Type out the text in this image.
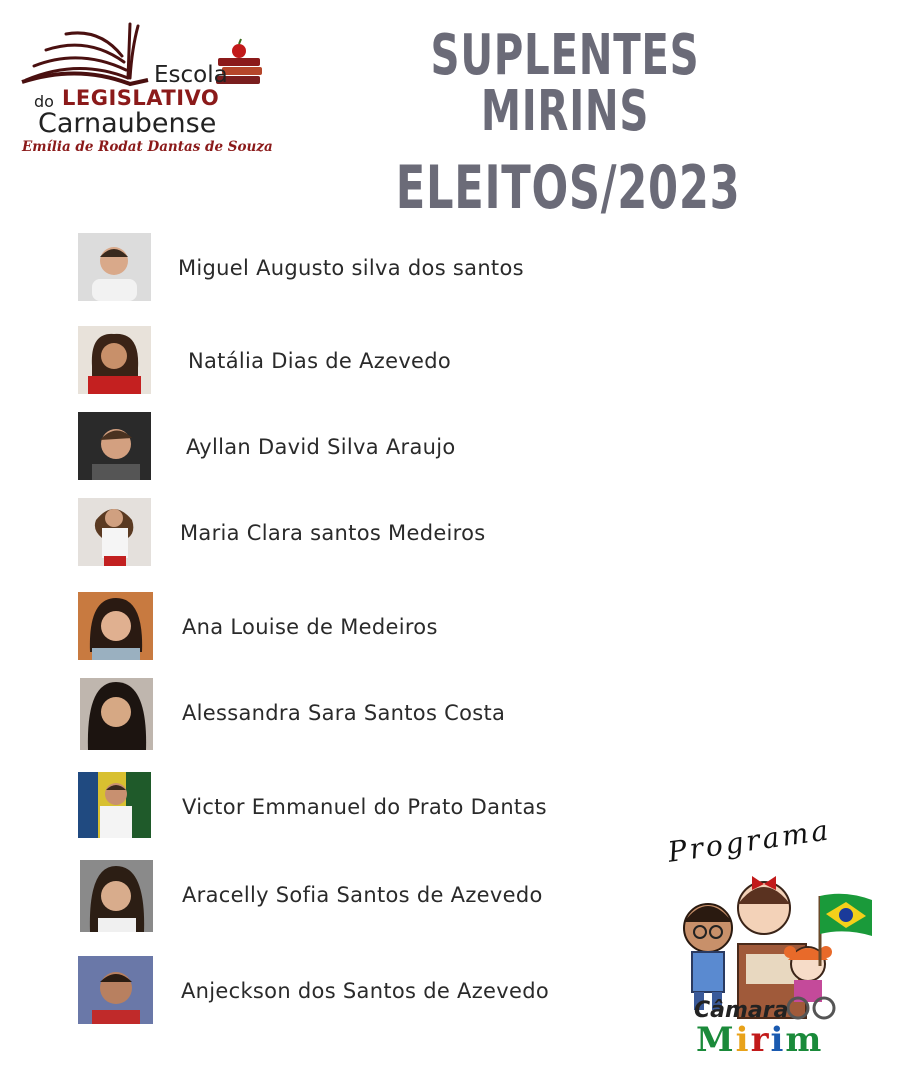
Escola
do LEGISLATIVO
Carnaubense
Emília de Rodat Dantas de Souza
SUPLENTES MIRINS
ELEITOS/2023
Miguel Augusto silva dos santos
Natália Dias de Azevedo
Ayllan David Silva Araujo
Maria Clara santos Medeiros
Ana Louise de Medeiros
Alessandra Sara Santos Costa
Victor Emmanuel do Prato Dantas
Aracelly Sofia Santos de Azevedo
Anjeckson dos Santos de Azevedo
Programa
Câmara
Mirim
